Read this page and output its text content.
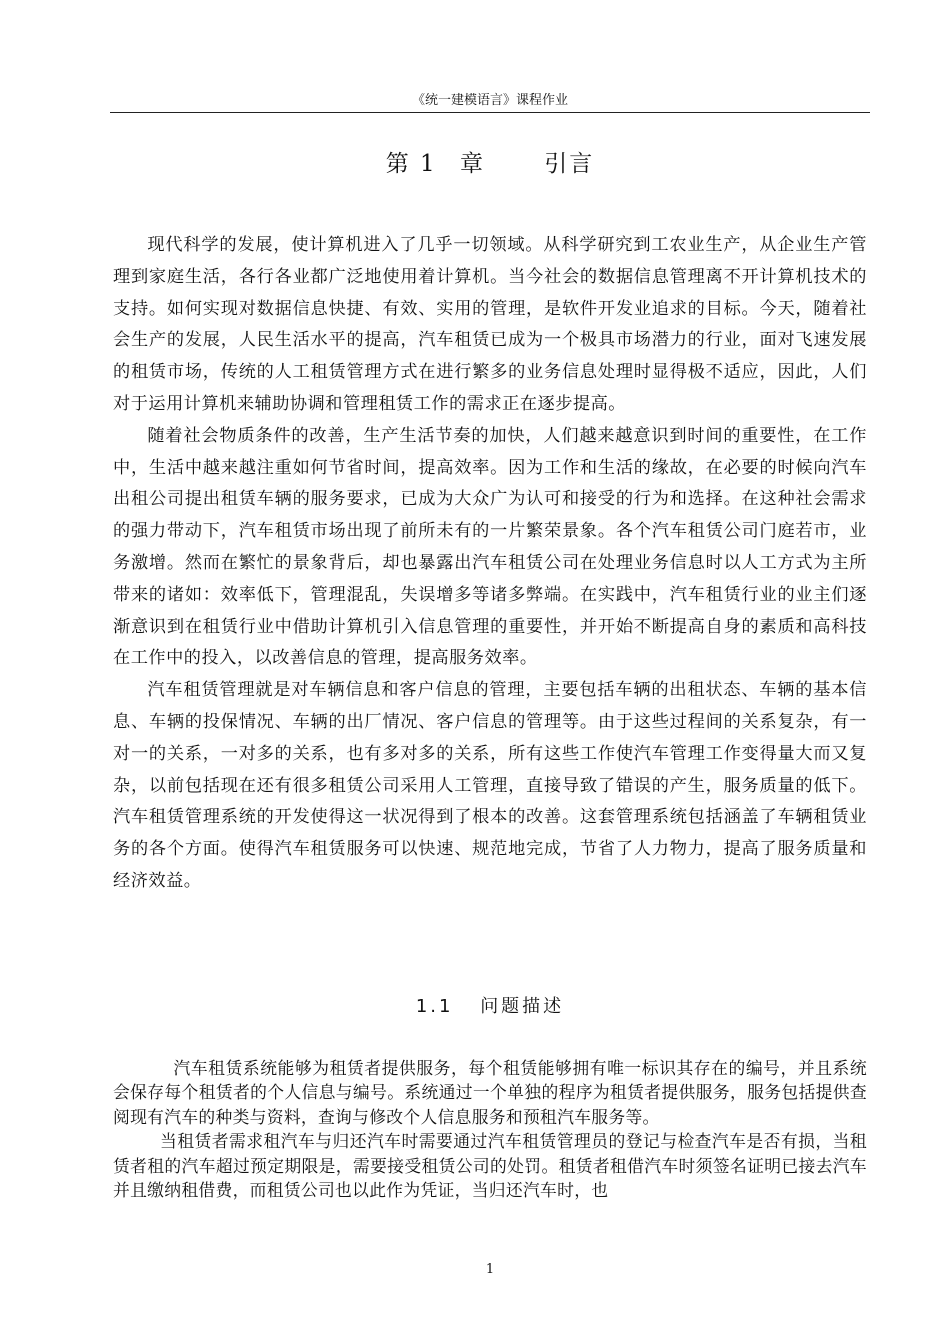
《统一建模语言》课程作业
第 1 章	引言

现代科学的发展，使计算机进入了几乎一切领域。从科学研究到工农业生产，从企业生产管理到家庭生活，各行各业都广泛地使用着计算机。当今社会的数据信息管理离不开计算机技术的支持。如何实现对数据信息快捷、有效、实用的管理，是软件开发业追求的目标。今天，随着社会生产的发展，人民生活水平的提高，汽车租赁已成为一个极具市场潜力的行业，面对飞速发展的租赁市场，传统的人工租赁管理方式在进行繁多的业务信息处理时显得极不适应，因此，人们对于运用计算机来辅助协调和管理租赁工作的需求正在逐步提高。

随着社会物质条件的改善，生产生活节奏的加快，人们越来越意识到时间的重要性，在工作中，生活中越来越注重如何节省时间，提高效率。因为工作和生活的缘故，在必要的时候向汽车出租公司提出租赁车辆的服务要求，已成为大众广为认可和接受的行为和选择。在这种社会需求的强力带动下，汽车租赁市场出现了前所未有的一片繁荣景象。各个汽车租赁公司门庭若市，业务激增。然而在繁忙的景象背后，却也暴露出汽车租赁公司在处理业务信息时以人工方式为主所带来的诸如：效率低下，管理混乱，失误增多等诸多弊端。在实践中，汽车租赁行业的业主们逐渐意识到在租赁行业中借助计算机引入信息管理的重要性，并开始不断提高自身的素质和高科技在工作中的投入，以改善信息的管理，提高服务效率。

汽车租赁管理就是对车辆信息和客户信息的管理，主要包括车辆的出租状态、车辆的基本信息、车辆的投保情况、车辆的出厂情况、客户信息的管理等。由于这些过程间的关系复杂，有一对一的关系，一对多的关系，也有多对多的关系，所有这些工作使汽车管理工作变得量大而又复杂，以前包括现在还有很多租赁公司采用人工管理，直接导致了错误的产生，服务质量的低下。汽车租赁管理系统的开发使得这一状况得到了根本的改善。这套管理系统包括涵盖了车辆租赁业务的各个方面。使得汽车租赁服务可以快速、规范地完成，节省了人力物力，提高了服务质量和经济效益。

1.1 问题描述

汽车租赁系统能够为租赁者提供服务，每个租赁能够拥有唯一标识其存在的编号，并且系统会保存每个租赁者的个人信息与编号。系统通过一个单独的程序为租赁者提供服务，服务包括提供查阅现有汽车的种类与资料，查询与修改个人信息服务和预租汽车服务等。

当租赁者需求租汽车与归还汽车时需要通过汽车租赁管理员的登记与检查汽车是否有损，当租赁者租的汽车超过预定期限是，需要接受租赁公司的处罚。租赁者租借汽车时须签名证明已接去汽车并且缴纳租借费，而租赁公司也以此作为凭证，当归还汽车时，也

1
